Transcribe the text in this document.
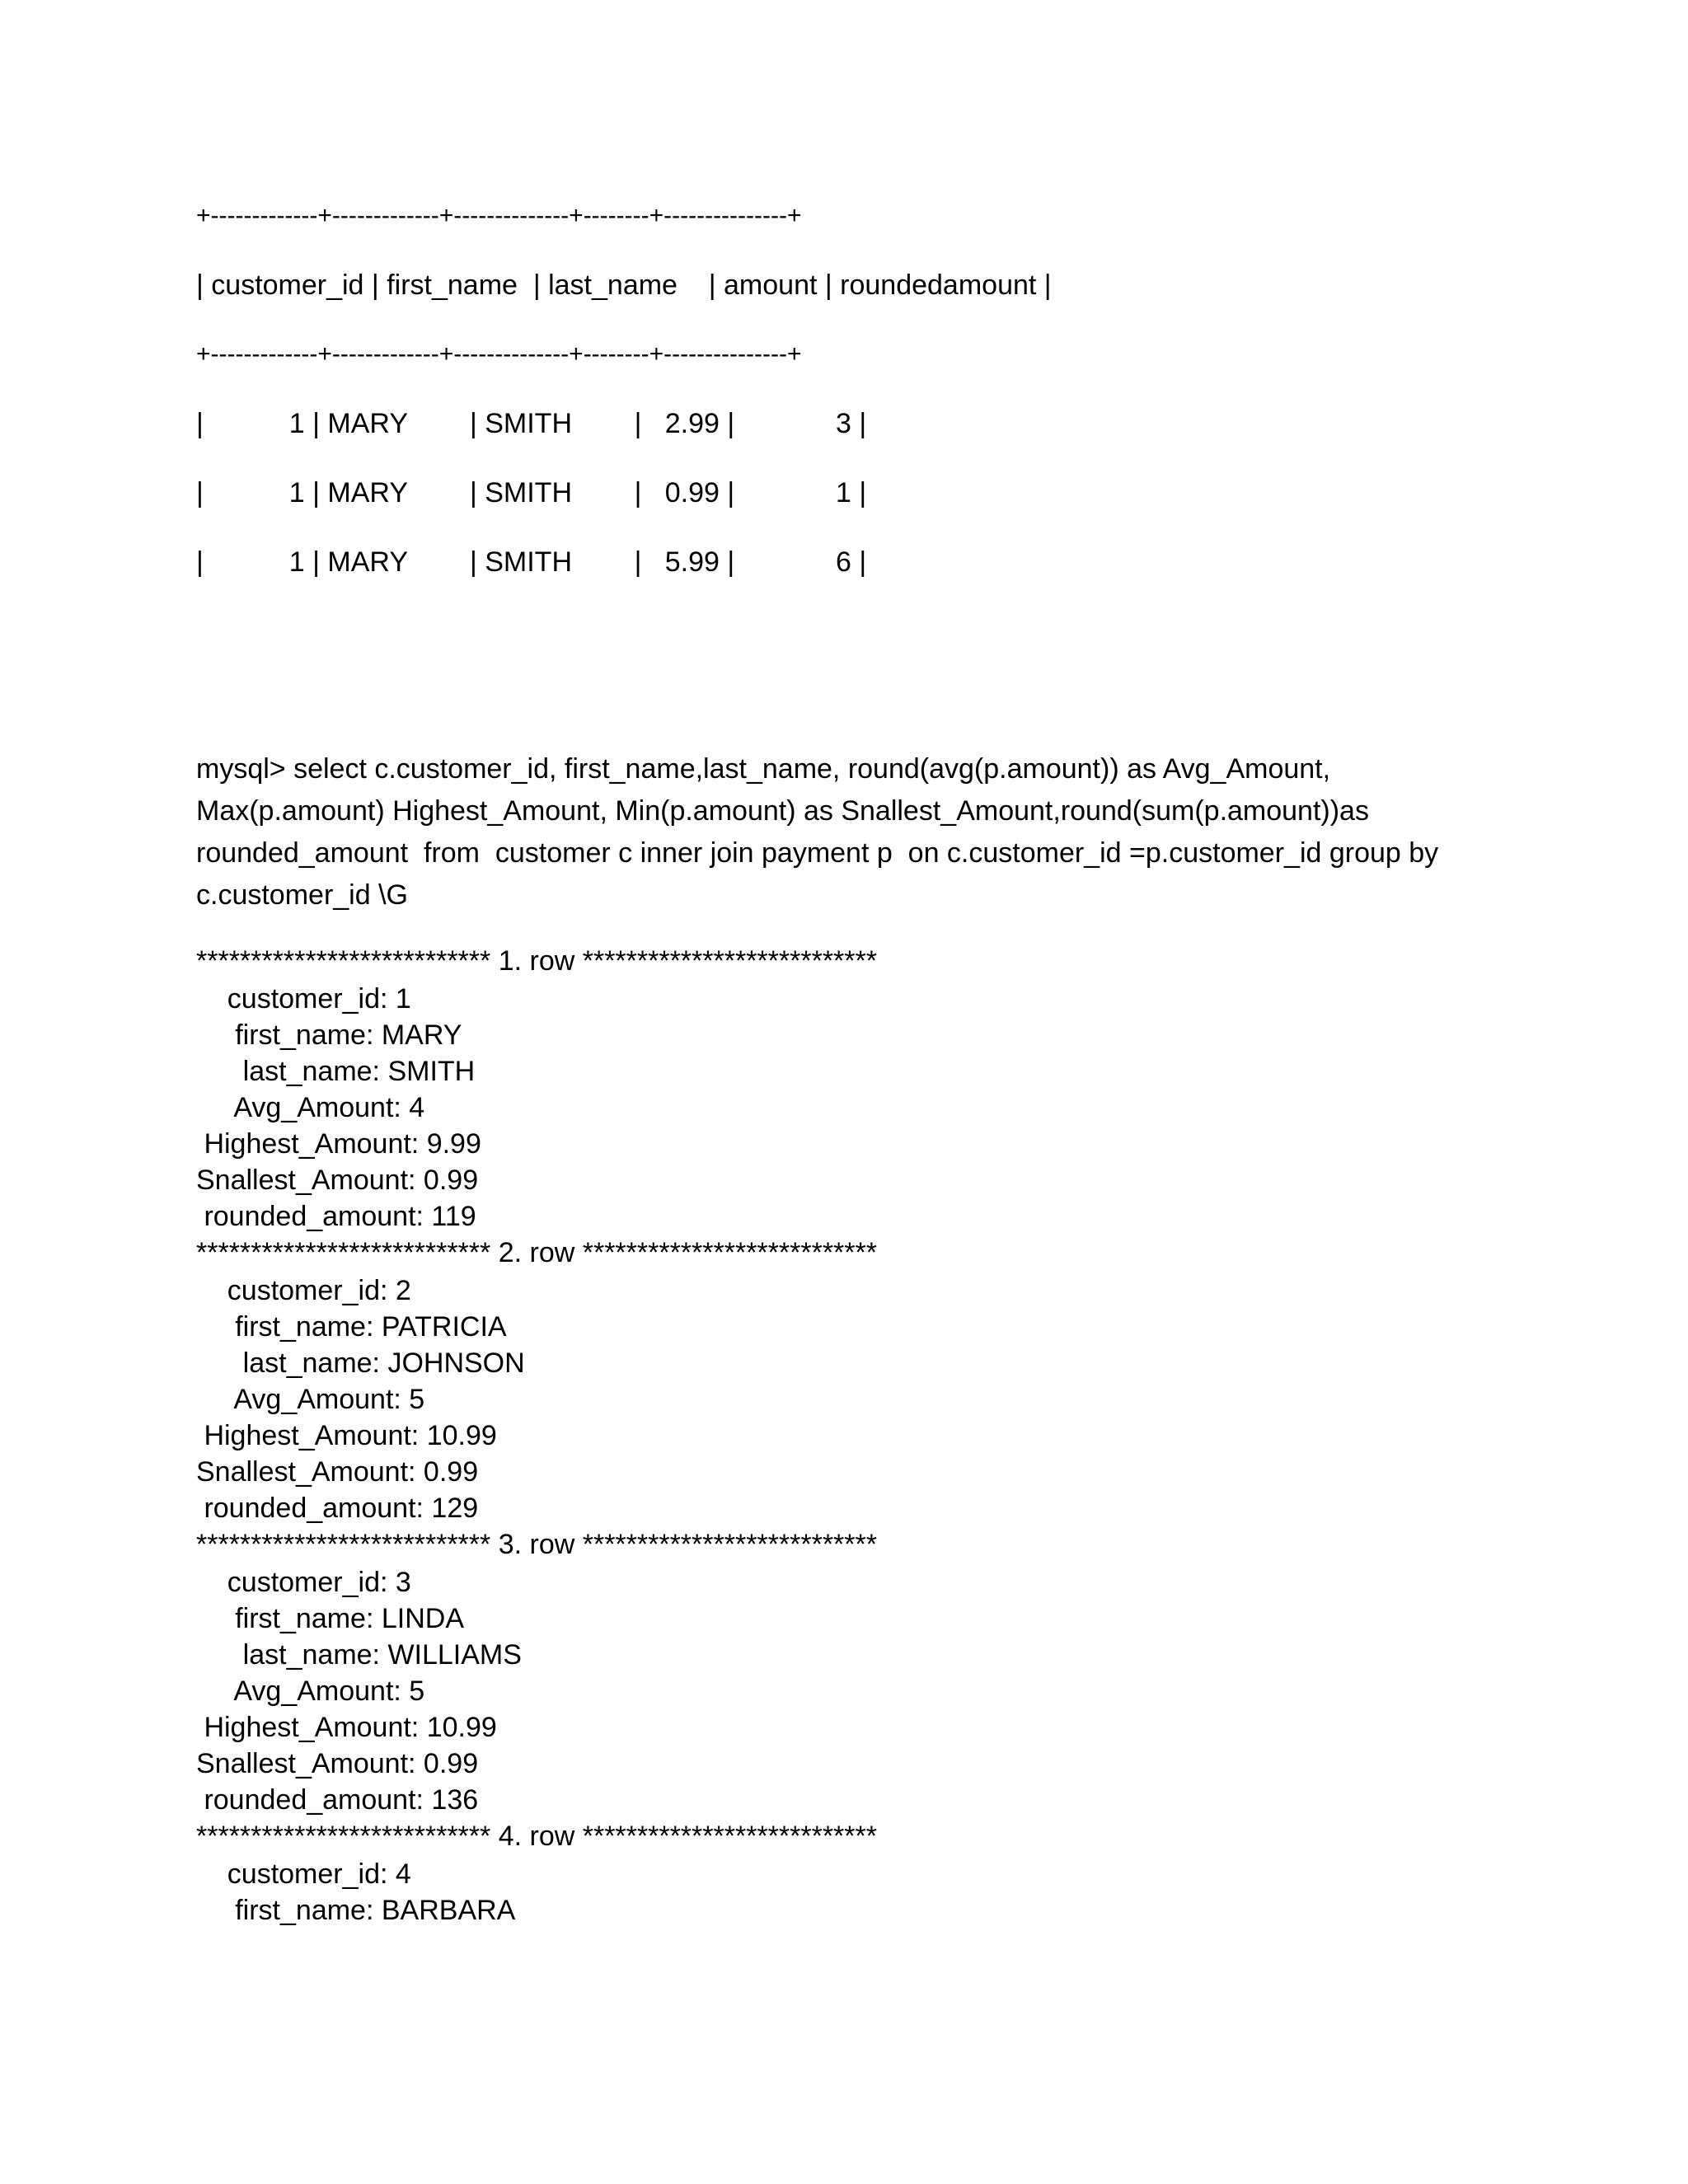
+-------------+-------------+--------------+--------+---------------+
| customer_id | first_name  | last_name    | amount | roundedamount |
+-------------+-------------+--------------+--------+---------------+
|           1 | MARY        | SMITH        |   2.99 |             3 |
|           1 | MARY        | SMITH        |   0.99 |             1 |
|           1 | MARY        | SMITH        |   5.99 |             6 |
mysql> select c.customer_id, first_name,last_name, round(avg(p.amount)) as Avg_Amount,
Max(p.amount) Highest_Amount, Min(p.amount) as Snallest_Amount,round(sum(p.amount))as
rounded_amount  from  customer c inner join payment p  on c.customer_id =p.customer_id group by
c.customer_id \G
*************************** 1. row ***************************
customer_id: 1
first_name: MARY
last_name: SMITH
Avg_Amount: 4
Highest_Amount: 9.99
Snallest_Amount: 0.99
rounded_amount: 119
*************************** 2. row ***************************
customer_id: 2
first_name: PATRICIA
last_name: JOHNSON
Avg_Amount: 5
Highest_Amount: 10.99
Snallest_Amount: 0.99
rounded_amount: 129
*************************** 3. row ***************************
customer_id: 3
first_name: LINDA
last_name: WILLIAMS
Avg_Amount: 5
Highest_Amount: 10.99
Snallest_Amount: 0.99
rounded_amount: 136
*************************** 4. row ***************************
customer_id: 4
first_name: BARBARA
